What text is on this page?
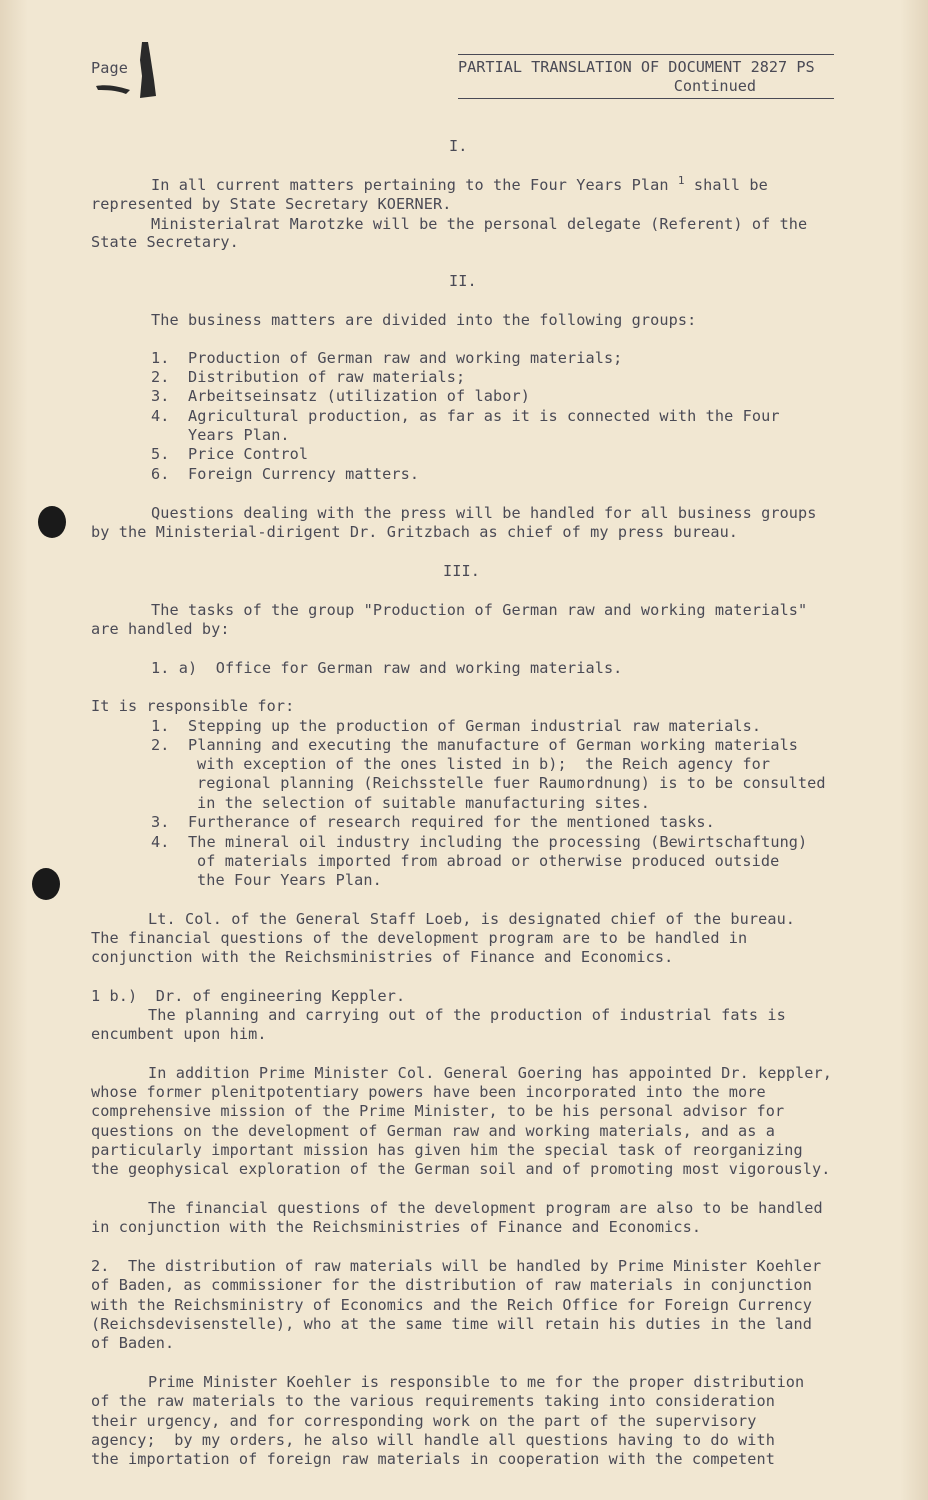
Page	PARTIAL TRANSLATION OF DOCUMENT 2827 PS
Continued
I.
In all current matters pertaining to the Four Years Plan $^1$ shall be
represented by State Secretary KOERNER.
Ministerialrat Marotzke will be the personal delegate (Referent) of the
State Secretary.
II.
The business matters are divided into the following groups:
1.  Production of German raw and working materials;
2.  Distribution of raw materials;
3.  Arbeitseinsatz (utilization of labor)
4.  Agricultural production, as far as it is connected with the Four
Years Plan.
5.  Price Control
6.  Foreign Currency matters.
Questions dealing with the press will be handled for all business groups
by the Ministerial-dirigent Dr. Gritzbach as chief of my press bureau.
III.
The tasks of the group "Production of German raw and working materials"
are handled by:
1. a)  Office for German raw and working materials.
It is responsible for:
1.  Stepping up the production of German industrial raw materials.
2.  Planning and executing the manufacture of German working materials
with exception of the ones listed in b);  the Reich agency for
regional planning (Reichsstelle fuer Raumordnung) is to be consulted
in the selection of suitable manufacturing sites.
3.  Furtherance of research required for the mentioned tasks.
4.  The mineral oil industry including the processing (Bewirtschaftung)
of materials imported from abroad or otherwise produced outside
the Four Years Plan.
Lt. Col. of the General Staff Loeb, is designated chief of the bureau.
The financial questions of the development program are to be handled in
conjunction with the Reichsministries of Finance and Economics.
1 b.)  Dr. of engineering Keppler.
The planning and carrying out of the production of industrial fats is
encumbent upon him.
In addition Prime Minister Col. General Goering has appointed Dr. keppler,
whose former plenitpotentiary powers have been incorporated into the more
comprehensive mission of the Prime Minister, to be his personal advisor for
questions on the development of German raw and working materials, and as a
particularly important mission has given him the special task of reorganizing
the geophysical exploration of the German soil and of promoting most vigorously.
The financial questions of the development program are also to be handled
in conjunction with the Reichsministries of Finance and Economics.
2.  The distribution of raw materials will be handled by Prime Minister Koehler
of Baden, as commissioner for the distribution of raw materials in conjunction
with the Reichsministry of Economics and the Reich Office for Foreign Currency
(Reichsdevisenstelle), who at the same time will retain his duties in the land
of Baden.
Prime Minister Koehler is responsible to me for the proper distribution
of the raw materials to the various requirements taking into consideration
their urgency, and for corresponding work on the part of the supervisory
agency;  by my orders, he also will handle all questions having to do with
the importation of foreign raw materials in cooperation with the competent
